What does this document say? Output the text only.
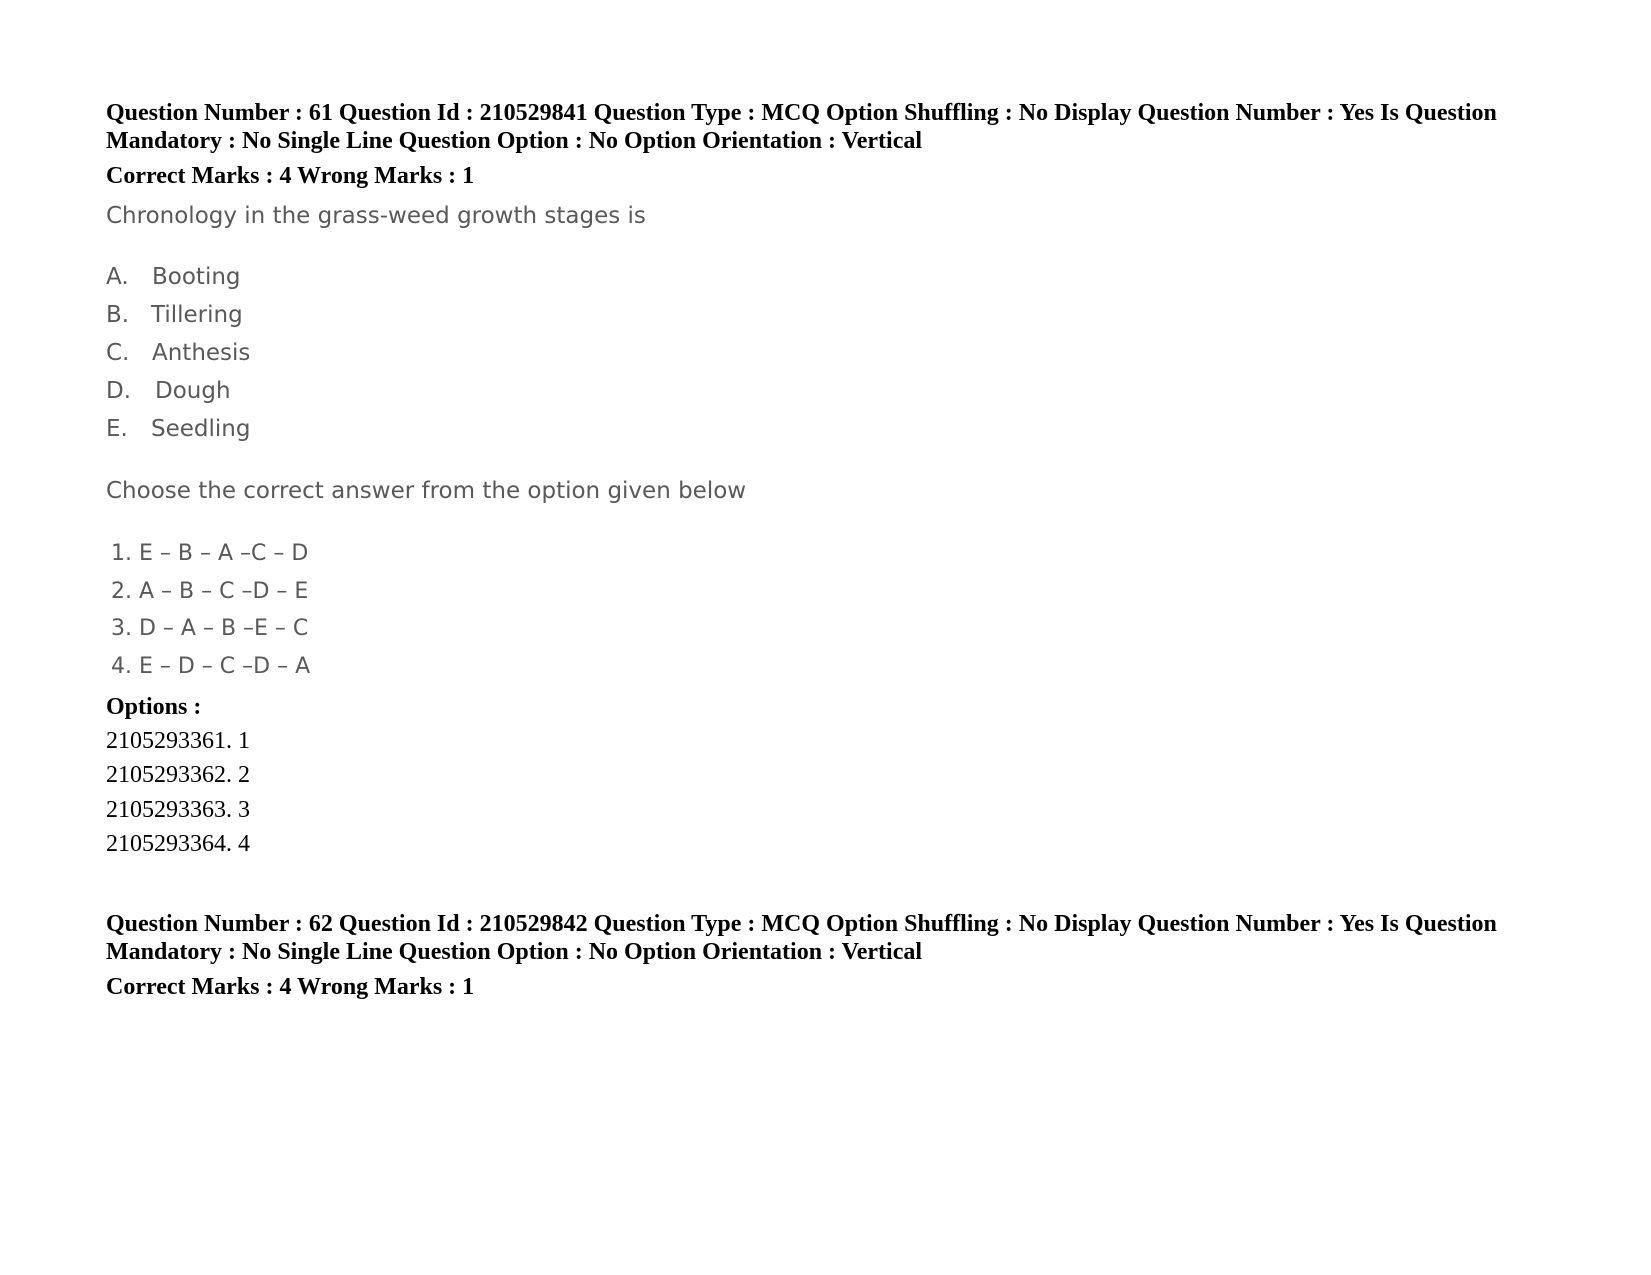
Question Number : 61 Question Id : 210529841 Question Type : MCQ Option Shuffling : No Display Question Number : Yes Is Question
Mandatory : No Single Line Question Option : No Option Orientation : Vertical
Correct Marks : 4 Wrong Marks : 1
Chronology in the grass-weed growth stages is
A. Booting
B. Tillering
C. Anthesis
D. Dough
E. Seedling
Choose the correct answer from the option given below
1. E – B – A –C – D
2. A – B – C –D – E
3. D – A – B –E – C
4. E – D – C –D – A
Options :
2105293361. 1
2105293362. 2
2105293363. 3
2105293364. 4
Question Number : 62 Question Id : 210529842 Question Type : MCQ Option Shuffling : No Display Question Number : Yes Is Question
Mandatory : No Single Line Question Option : No Option Orientation : Vertical
Correct Marks : 4 Wrong Marks : 1
